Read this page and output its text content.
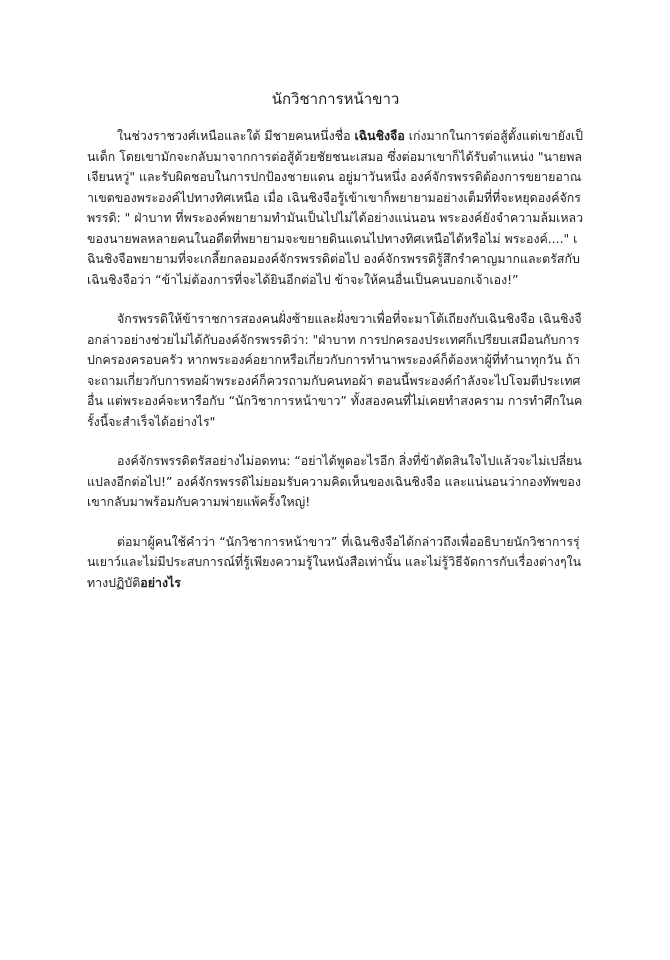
นักวิชาการหน้าขาว

ในช่วงราชวงศ์เหนือและใต้ มีชายคนหนึ่งชื่อ เฉินชิงจือ เก่งมากในการต่อสู้ตั้งแต่เขายังเป็นเด็ก โดยเขามักจะกลับมาจากการต่อสู้ด้วยชัยชนะเสมอ ซึ่งต่อมาเขาก็ได้รับตำแหน่ง "นายพลเจียนหวู่" และรับผิดชอบในการปกป้องชายแดน อยู่มาวันหนึ่ง องค์จักรพรรดิต้องการขยายอาณาเขตของพระองค์ไปทางทิศเหนือ เมื่อ เฉินชิงจือรู้เข้าเขาก็พยายามอย่างเต็มที่ที่จะหยุดองค์จักรพรรดิ: " ฝ่าบาท ที่พระองค์พยายามทำมันเป็นไปไม่ได้อย่างแน่นอน พระองค์ยังจำความล้มเหลวของนายพลหลายคนในอดีตที่พยายามจะขยายดินแดนไปทางทิศเหนือได้หรือไม่ พระองค์...." เฉินชิงจือพยายามที่จะเกลี้ยกลอมองค์จักรพรรดิต่อไป องค์จักรพรรดิรู้สึกรำคาญมากและตรัสกับเฉินชิงจือว่า “ข้าไม่ต้องการที่จะได้ยินอีกต่อไป ข้าจะให้คนอื่นเป็นคนบอกเจ้าเอง!”

จักรพรรดิให้ข้าราชการสองคนฝั่งซ้ายและฝั่งขวาเพื่อที่จะมาโต้เถียงกับเฉินชิงจือ เฉินชิงจือกล่าวอย่างช่วยไม่ได้กับองค์จักรพรรดิว่า: "ฝ่าบาท การปกครองประเทศก็เปรียบเสมือนกับการปกครองครอบครัว หากพระองค์อยากหรือเกี่ยวกับการทำนาพระองค์ก็ต้องหาผู้ที่ทำนาทุกวัน ถ้าจะถามเกี่ยวกับการทอผ้าพระองค์ก็ควรถามกับคนทอผ้า ตอนนี้พระองค์กำลังจะไปโจมตีประเทศอื่น แต่พระองค์จะหารือกับ “นักวิชาการหน้าขาว” ทั้งสองคนที่ไม่เคยทำสงคราม การทำศึกในครั้งนี้จะสำเร็จได้อย่างไร"

องค์จักรพรรดิตรัสอย่างไม่อดทน: “อย่าได้พูดอะไรอีก สิ่งที่ข้าตัดสินใจไปแล้วจะไม่เปลี่ยนแปลงอีกต่อไป!” องค์จักรพรรดิไม่ยอมรับความคิดเห็นของเฉินชิงจือ และแน่นอนว่ากองทัพของเขากลับมาพร้อมกับความพ่ายแพ้ครั้งใหญ่!

ต่อมาผู้คนใช้คำว่า “นักวิชาการหน้าขาว” ที่เฉินชิงจือได้กล่าวถึงเพื่ออธิบายนักวิชาการรุ่นเยาว์และไม่มีประสบการณ์ที่รู้เพียงความรู้ในหนังสือเท่านั้น และไม่รู้วิธีจัดการกับเรื่องต่างๆในทางปฏิบัติอย่างไร
